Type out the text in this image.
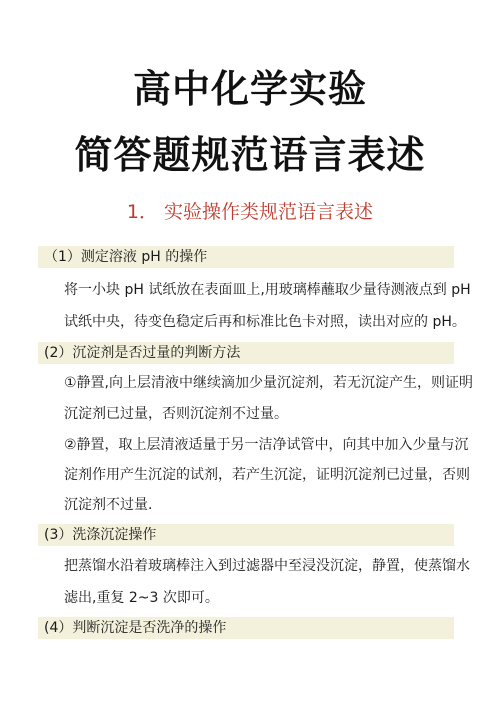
高中化学实验
简答题规范语言表述
1． 实验操作类规范语言表述
（1）测定溶液 pH 的操作
将一小块 pH 试纸放在表面皿上,用玻璃棒蘸取少量待测液点到 pH
试纸中央，待变色稳定后再和标准比色卡对照，读出对应的 pH。
(2）沉淀剂是否过量的判断方法
①静置,向上层清液中继续滴加少量沉淀剂，若无沉淀产生，则证明
沉淀剂已过量，否则沉淀剂不过量。
②静置，取上层清液适量于另一洁净试管中，向其中加入少量与沉
淀剂作用产生沉淀的试剂，若产生沉淀，证明沉淀剂已过量，否则
沉淀剂不过量.
(3）洗涤沉淀操作
把蒸馏水沿着玻璃棒注入到过滤器中至浸没沉淀，静置，使蒸馏水
滤出,重复 2~3 次即可。
(4）判断沉淀是否洗净的操作
